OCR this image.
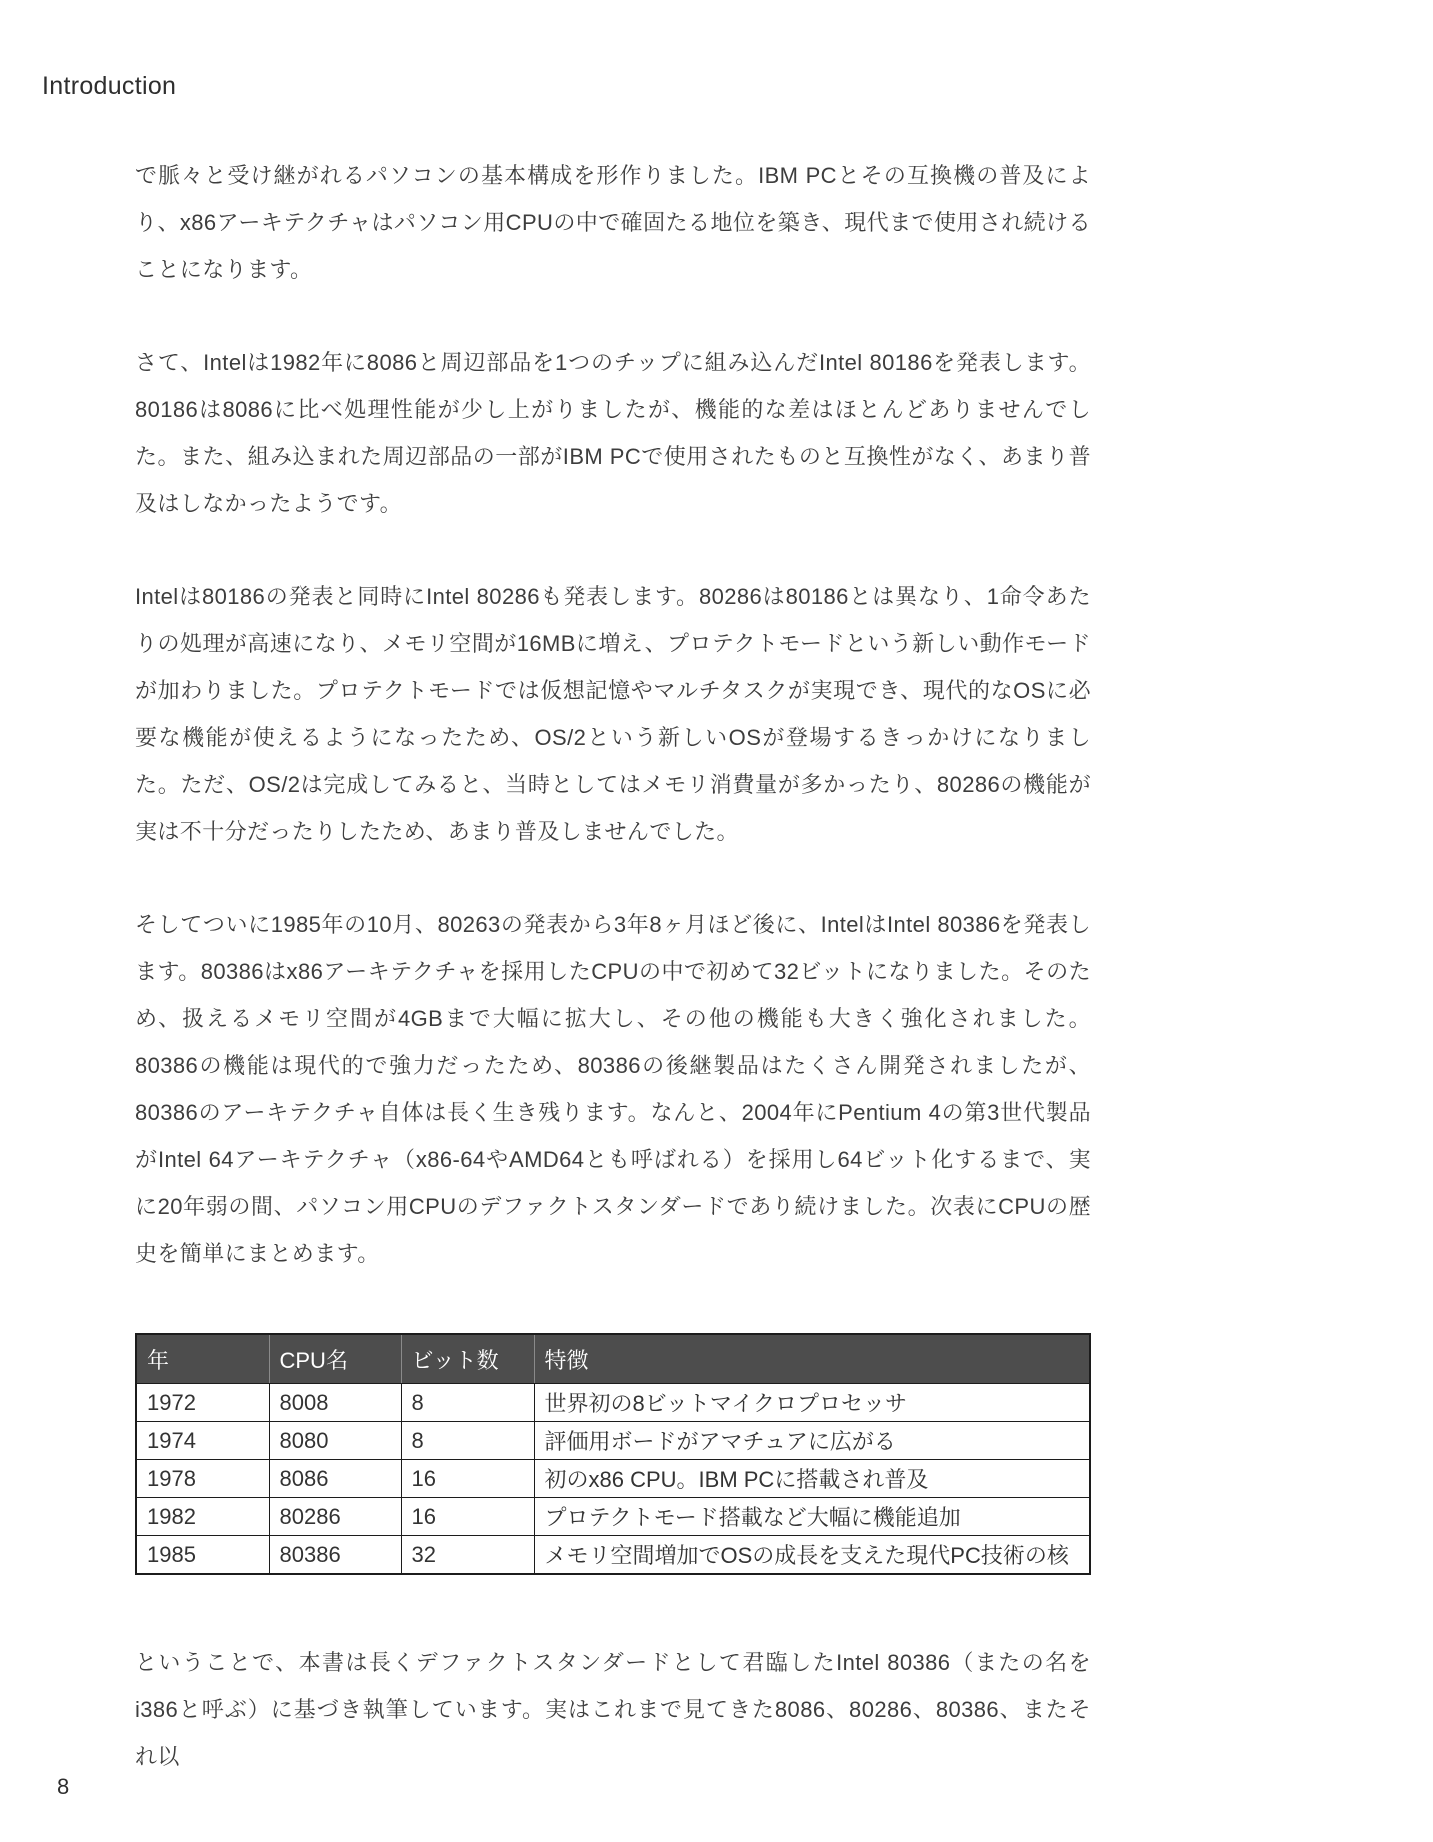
Introduction

で脈々と受け継がれるパソコンの基本構成を形作りました。IBM PCとその互換機の普及により、x86アーキテクチャはパソコン用CPUの中で確固たる地位を築き、現代まで使用され続けることになります。

さて、Intelは1982年に8086と周辺部品を1つのチップに組み込んだIntel 80186を発表します。80186は8086に比べ処理性能が少し上がりましたが、機能的な差はほとんどありませんでした。また、組み込まれた周辺部品の一部がIBM PCで使用されたものと互換性がなく、あまり普及はしなかったようです。

Intelは80186の発表と同時にIntel 80286も発表します。80286は80186とは異なり、1命令あたりの処理が高速になり、メモリ空間が16MBに増え、プロテクトモードという新しい動作モードが加わりました。プロテクトモードでは仮想記憶やマルチタスクが実現でき、現代的なOSに必要な機能が使えるようになったため、OS/2という新しいOSが登場するきっかけになりました。ただ、OS/2は完成してみると、当時としてはメモリ消費量が多かったり、80286の機能が実は不十分だったりしたため、あまり普及しませんでした。

そしてついに1985年の10月、80263の発表から3年8ヶ月ほど後に、IntelはIntel 80386を発表します。80386はx86アーキテクチャを採用したCPUの中で初めて32ビットになりました。そのため、扱えるメモリ空間が4GBまで大幅に拡大し、その他の機能も大きく強化されました。80386の機能は現代的で強力だったため、80386の後継製品はたくさん開発されましたが、80386のアーキテクチャ自体は長く生き残ります。なんと、2004年にPentium 4の第3世代製品がIntel 64アーキテクチャ（x86-64やAMD64とも呼ばれる）を採用し64ビット化するまで、実に20年弱の間、パソコン用CPUのデファクトスタンダードであり続けました。次表にCPUの歴史を簡単にまとめます。

年	CPU名	ビット数	特徴
1972	8008	8	世界初の8ビットマイクロプロセッサ
1974	8080	8	評価用ボードがアマチュアに広がる
1978	8086	16	初のx86 CPU。IBM PCに搭載され普及
1982	80286	16	プロテクトモード搭載など大幅に機能追加
1985	80386	32	メモリ空間増加でOSの成長を支えた現代PC技術の核

ということで、本書は長くデファクトスタンダードとして君臨したIntel 80386（またの名をi386と呼ぶ）に基づき執筆しています。実はこれまで見てきた8086、80286、80386、またそれ以

8
